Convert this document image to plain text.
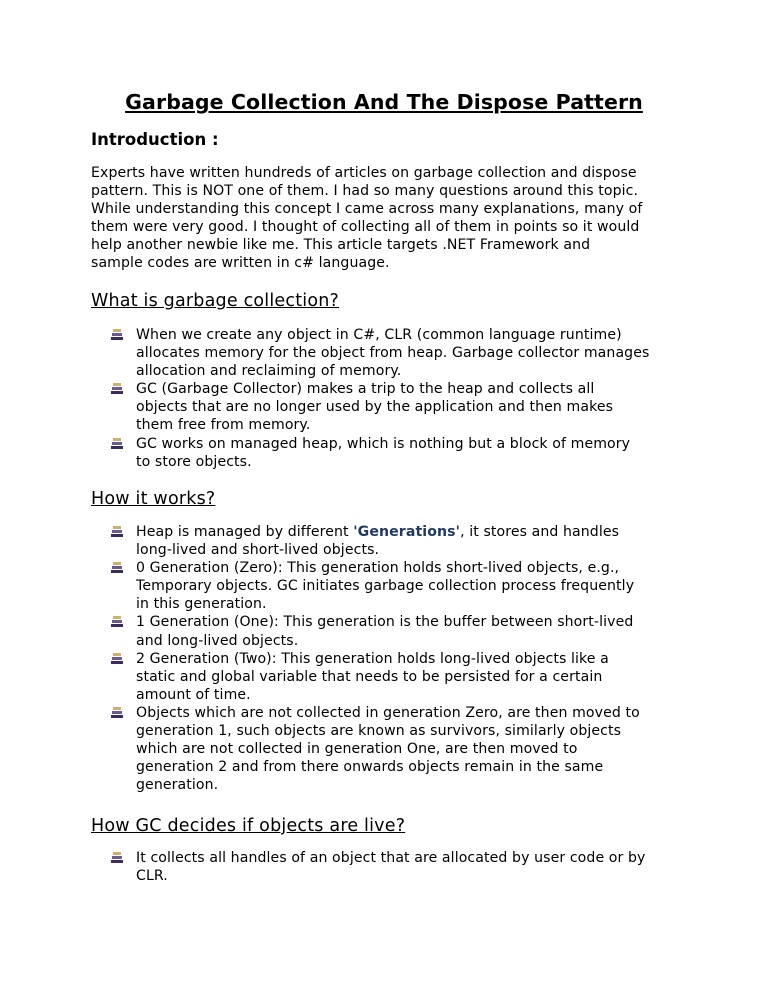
Garbage Collection And The Dispose Pattern
Introduction :
Experts have written hundreds of articles on garbage collection and dispose
pattern. This is NOT one of them. I had so many questions around this topic.
While understanding this concept I came across many explanations, many of
them were very good. I thought of collecting all of them in points so it would
help another newbie like me. This article targets .NET Framework and
sample codes are written in c# language.
What is garbage collection?
When we create any object in C#, CLR (common language runtime)
allocates memory for the object from heap. Garbage collector manages
allocation and reclaiming of memory.
GC (Garbage Collector) makes a trip to the heap and collects all
objects that are no longer used by the application and then makes
them free from memory.
GC works on managed heap, which is nothing but a block of memory
to store objects.
How it works?
Heap is managed by different 'Generations', it stores and handles
long-lived and short-lived objects.
0 Generation (Zero): This generation holds short-lived objects, e.g.,
Temporary objects. GC initiates garbage collection process frequently
in this generation.
1 Generation (One): This generation is the buffer between short-lived
and long-lived objects.
2 Generation (Two): This generation holds long-lived objects like a
static and global variable that needs to be persisted for a certain
amount of time.
Objects which are not collected in generation Zero, are then moved to
generation 1, such objects are known as survivors, similarly objects
which are not collected in generation One, are then moved to
generation 2 and from there onwards objects remain in the same
generation.
How GC decides if objects are live?
It collects all handles of an object that are allocated by user code or by
CLR.
